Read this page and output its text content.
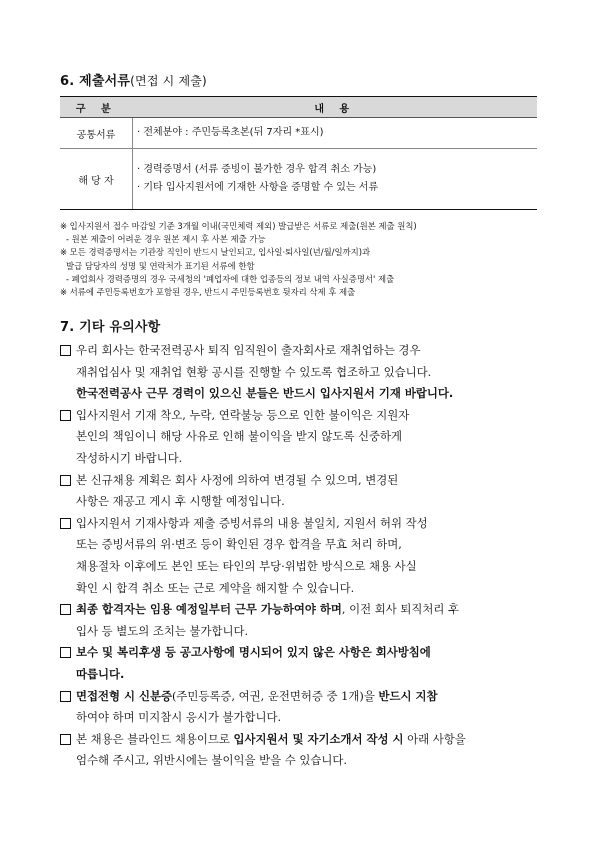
6. 제출서류(면접 시 제출)
구 분	내 용
공통서류	· 전체분야 : 주민등록초본(뒤 7자리 *표시)

해 당 자	· 경력증명서 (서류 증빙이 불가한 경우 합격 취소 가능)
· 기타 입사지원서에 기재한 사항을 증명할 수 있는 서류
※ 입사지원서 접수 마감일 기준 3개월 이내(국민체력 제외) 발급받은 서류로 제출(원본 제출 원칙)
- 원본 제출이 어려운 경우 원본 제시 후 사본 제출 가능
※ 모든 경력증명서는 기관장 직인이 반드시 날인되고, 입사일·퇴사일(년/월/일까지)과
발급 담당자의 성명 및 연락처가 표기된 서류에 한함
- 폐업회사 경력증명의 경우 국세청의 '폐업자에 대한 업종등의 정보 내역 사실증명서' 제출
※ 서류에 주민등록번호가 포함된 경우, 반드시 주민등록번호 뒷자리 삭제 후 제출
7. 기타 유의사항
우리 회사는 한국전력공사 퇴직 임직원이 출자회사로 재취업하는 경우
재취업심사 및 재취업 현황 공시를 진행할 수 있도록 협조하고 있습니다.
한국전력공사 근무 경력이 있으신 분들은 반드시 입사지원서 기재 바랍니다.
입사지원서 기재 착오, 누락, 연락불능 등으로 인한 불이익은 지원자
본인의 책임이니 해당 사유로 인해 불이익을 받지 않도록 신중하게
작성하시기 바랍니다.
본 신규채용 계획은 회사 사정에 의하여 변경될 수 있으며, 변경된
사항은 재공고 게시 후 시행할 예정입니다.
입사지원서 기재사항과 제출 증빙서류의 내용 불일치, 지원서 허위 작성
또는 증빙서류의 위·변조 등이 확인된 경우 합격을 무효 처리 하며,
채용절차 이후에도 본인 또는 타인의 부당·위법한 방식으로 채용 사실
확인 시 합격 취소 또는 근로 계약을 해지할 수 있습니다.
최종 합격자는 임용 예정일부터 근무 가능하여야 하며, 이전 회사 퇴직처리 후
입사 등 별도의 조치는 불가합니다.
보수 및 복리후생 등 공고사항에 명시되어 있지 않은 사항은 회사방침에
따릅니다.
면접전형 시 신분증(주민등록증, 여권, 운전면허증 중 1개)을 반드시 지참
하여야 하며 미지참시 응시가 불가합니다.
본 채용은 블라인드 채용이므로 입사지원서 및 자기소개서 작성 시 아래 사항을
엄수해 주시고, 위반시에는 불이익을 받을 수 있습니다.
